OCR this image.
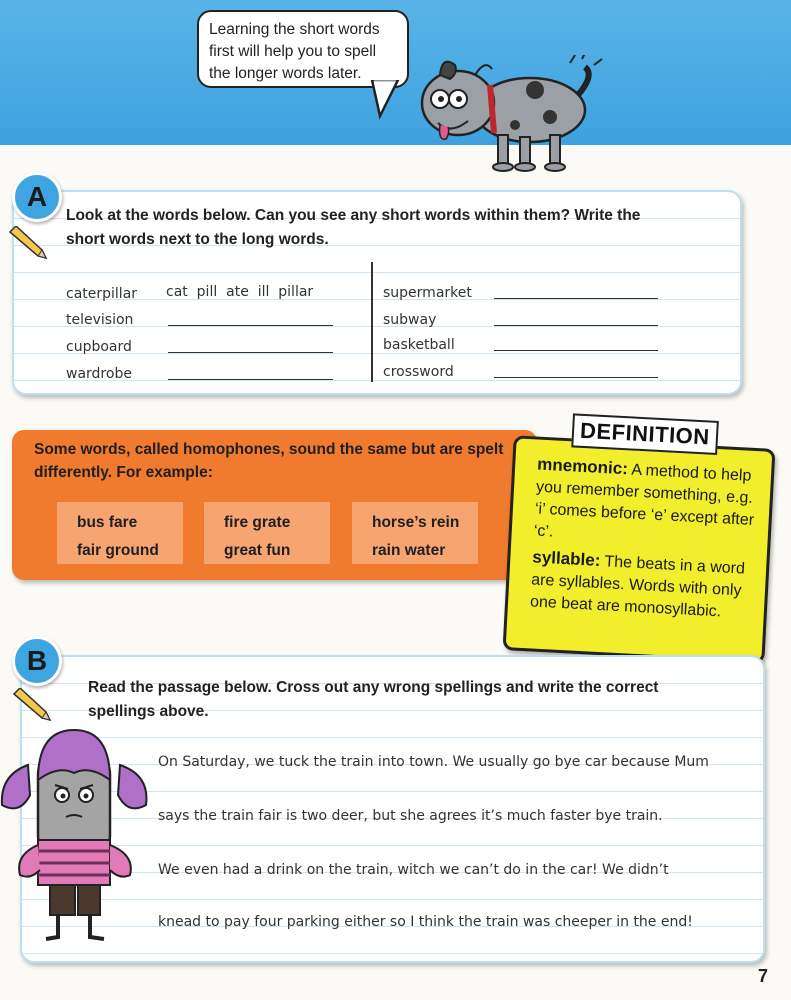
Learning the short words
first will help you to spell
the longer words later.
A
Look at the words below. Can you see any short words within them? Write the
short words next to the long words.
caterpillar cat  pill  ate  ill  pillar
television
cupboard
wardrobe
supermarket
subway
basketball
crossword
Some words, called homophones, sound the same but are spelt
differently. For example:
bus fare
fair ground
fire grate
great fun
horse’s rein
rain water
DEFINITION
mnemonic: A method to help you remember something, e.g. ‘i’ comes before ‘e’ except after ‘c’.
syllable: The beats in a word are syllables. Words with only one beat are monosyllabic.
B
Read the passage below. Cross out any wrong spellings and write the correct
spellings above.
On Saturday, we tuck the train into town. We usually go bye car because Mum
says the train fair is two deer, but she agrees it’s much faster bye train.
We even had a drink on the train, witch we can’t do in the car! We didn’t
knead to pay four parking either so I think the train was cheeper in the end!
7
